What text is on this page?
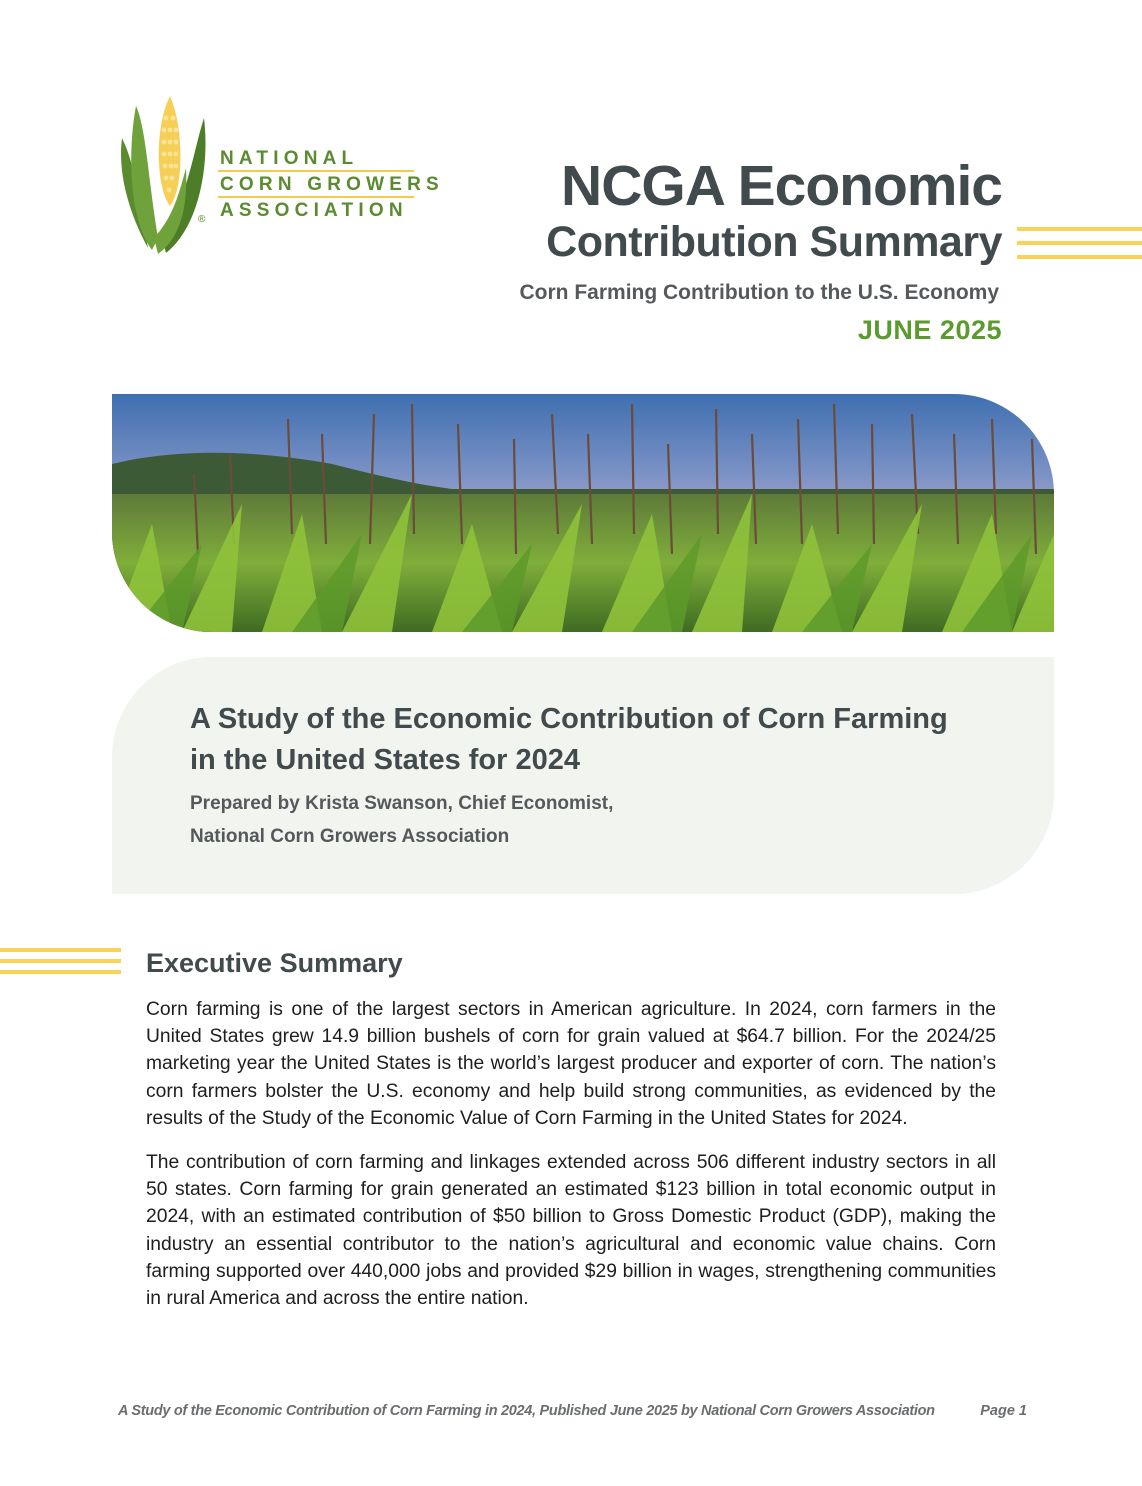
®
NATIONAL
CORN GROWERS
ASSOCIATION	NCGA Economic
Contribution Summary
Corn Farming Contribution to the U.S. Economy
JUNE 2025
A Study of the Economic Contribution of Corn Farming in the United States for 2024
Prepared by Krista Swanson, Chief Economist,
National Corn Growers Association
Executive Summary

Corn farming is one of the largest sectors in American agriculture. In 2024, corn farmers in the United States grew 14.9 billion bushels of corn for grain valued at $64.7 billion. For the 2024/25 marketing year the United States is the world’s largest producer and exporter of corn. The nation’s corn farmers bolster the U.S. economy and help build strong communities, as evidenced by the results of the Study of the Economic Value of Corn Farming in the United States for 2024.

The contribution of corn farming and linkages extended across 506 different industry sectors in all 50 states. Corn farming for grain generated an estimated $123 billion in total economic output in 2024, with an estimated contribution of $50 billion to Gross Domestic Product (GDP), making the industry an essential contributor to the nation’s agricultural and economic value chains. Corn farming supported over 440,000 jobs and provided $29 billion in wages, strengthening communities in rural America and across the entire nation.

A Study of the Economic Contribution of Corn Farming in 2024, Published June 2025 by National Corn Growers Association	Page 1
